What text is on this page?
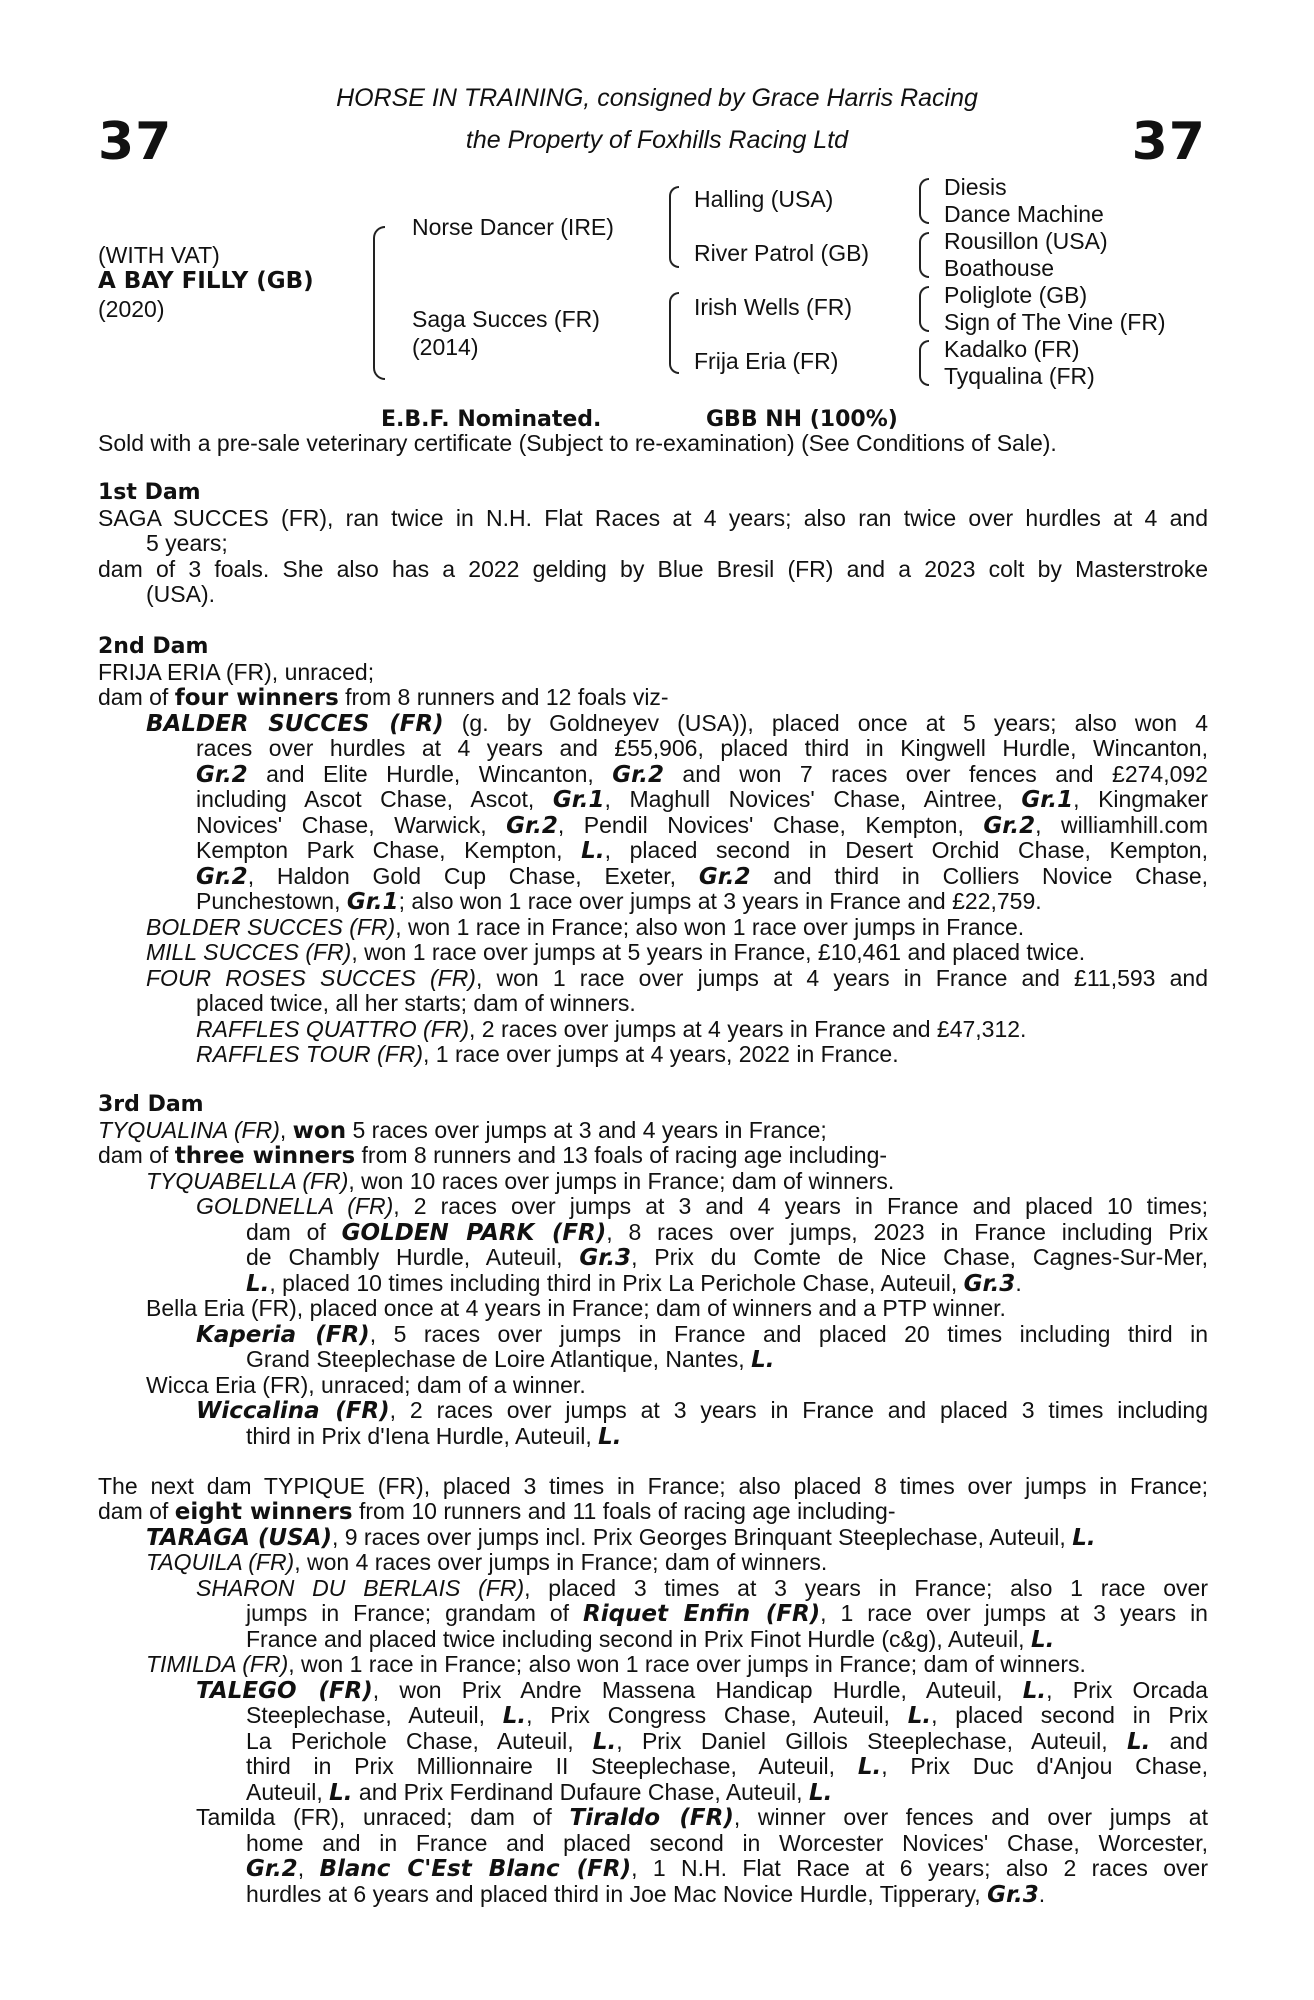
37	37
HORSE IN TRAINING, consigned by Grace Harris Racing
the Property of Foxhills Racing Ltd
(WITH VAT)
A BAY FILLY (GB)
(2020)
Norse Dancer (IRE)
Saga Succes (FR)
(2014)
Halling (USA)
River Patrol (GB)
Irish Wells (FR)
Frija Eria (FR)
Diesis
Dance Machine
Rousillon (USA)
Boathouse
Poliglote (GB)
Sign of The Vine (FR)
Kadalko (FR)
Tyqualina (FR)
E.B.F. Nominated.	GBB NH (100%)
Sold with a pre-sale veterinary certificate (Subject to re-examination) (See Conditions of Sale).
1st Dam
SAGA SUCCES (FR), ran twice in N.H. Flat Races at 4 years; also ran twice over hurdles at 4 and
5 years;
dam of 3 foals. She also has a 2022 gelding by Blue Bresil (FR) and a 2023 colt by Masterstroke
(USA).
2nd Dam
FRIJA ERIA (FR), unraced;
dam of four winners from 8 runners and 12 foals viz-
BALDER SUCCES (FR) (g. by Goldneyev (USA)), placed once at 5 years; also won 4
races over hurdles at 4 years and £55,906, placed third in Kingwell Hurdle, Wincanton,
Gr.2 and Elite Hurdle, Wincanton, Gr.2 and won 7 races over fences and £274,092
including Ascot Chase, Ascot, Gr.1, Maghull Novices' Chase, Aintree, Gr.1, Kingmaker
Novices' Chase, Warwick, Gr.2, Pendil Novices' Chase, Kempton, Gr.2, williamhill.com
Kempton Park Chase, Kempton, L., placed second in Desert Orchid Chase, Kempton,
Gr.2, Haldon Gold Cup Chase, Exeter, Gr.2 and third in Colliers Novice Chase,
Punchestown, Gr.1; also won 1 race over jumps at 3 years in France and £22,759.
BOLDER SUCCES (FR), won 1 race in France; also won 1 race over jumps in France.
MILL SUCCES (FR), won 1 race over jumps at 5 years in France, £10,461 and placed twice.
FOUR ROSES SUCCES (FR), won 1 race over jumps at 4 years in France and £11,593 and
placed twice, all her starts; dam of winners.
RAFFLES QUATTRO (FR), 2 races over jumps at 4 years in France and £47,312.
RAFFLES TOUR (FR), 1 race over jumps at 4 years, 2022 in France.
3rd Dam
TYQUALINA (FR), won 5 races over jumps at 3 and 4 years in France;
dam of three winners from 8 runners and 13 foals of racing age including-
TYQUABELLA (FR), won 10 races over jumps in France; dam of winners.
GOLDNELLA (FR), 2 races over jumps at 3 and 4 years in France and placed 10 times;
dam of GOLDEN PARK (FR), 8 races over jumps, 2023 in France including Prix
de Chambly Hurdle, Auteuil, Gr.3, Prix du Comte de Nice Chase, Cagnes-Sur-Mer,
L., placed 10 times including third in Prix La Perichole Chase, Auteuil, Gr.3.
Bella Eria (FR), placed once at 4 years in France; dam of winners and a PTP winner.
Kaperia (FR), 5 races over jumps in France and placed 20 times including third in
Grand Steeplechase de Loire Atlantique, Nantes, L.
Wicca Eria (FR), unraced; dam of a winner.
Wiccalina (FR), 2 races over jumps at 3 years in France and placed 3 times including
third in Prix d'Iena Hurdle, Auteuil, L.
The next dam TYPIQUE (FR), placed 3 times in France; also placed 8 times over jumps in France;
dam of eight winners from 10 runners and 11 foals of racing age including-
TARAGA (USA), 9 races over jumps incl. Prix Georges Brinquant Steeplechase, Auteuil, L.
TAQUILA (FR), won 4 races over jumps in France; dam of winners.
SHARON DU BERLAIS (FR), placed 3 times at 3 years in France; also 1 race over
jumps in France; grandam of Riquet Enfin (FR), 1 race over jumps at 3 years in
France and placed twice including second in Prix Finot Hurdle (c&g), Auteuil, L.
TIMILDA (FR), won 1 race in France; also won 1 race over jumps in France; dam of winners.
TALEGO (FR), won Prix Andre Massena Handicap Hurdle, Auteuil, L., Prix Orcada
Steeplechase, Auteuil, L., Prix Congress Chase, Auteuil, L., placed second in Prix
La Perichole Chase, Auteuil, L., Prix Daniel Gillois Steeplechase, Auteuil, L. and
third in Prix Millionnaire II Steeplechase, Auteuil, L., Prix Duc d'Anjou Chase,
Auteuil, L. and Prix Ferdinand Dufaure Chase, Auteuil, L.
Tamilda (FR), unraced; dam of Tiraldo (FR), winner over fences and over jumps at
home and in France and placed second in Worcester Novices' Chase, Worcester,
Gr.2, Blanc C'Est Blanc (FR), 1 N.H. Flat Race at 6 years; also 2 races over
hurdles at 6 years and placed third in Joe Mac Novice Hurdle, Tipperary, Gr.3.
